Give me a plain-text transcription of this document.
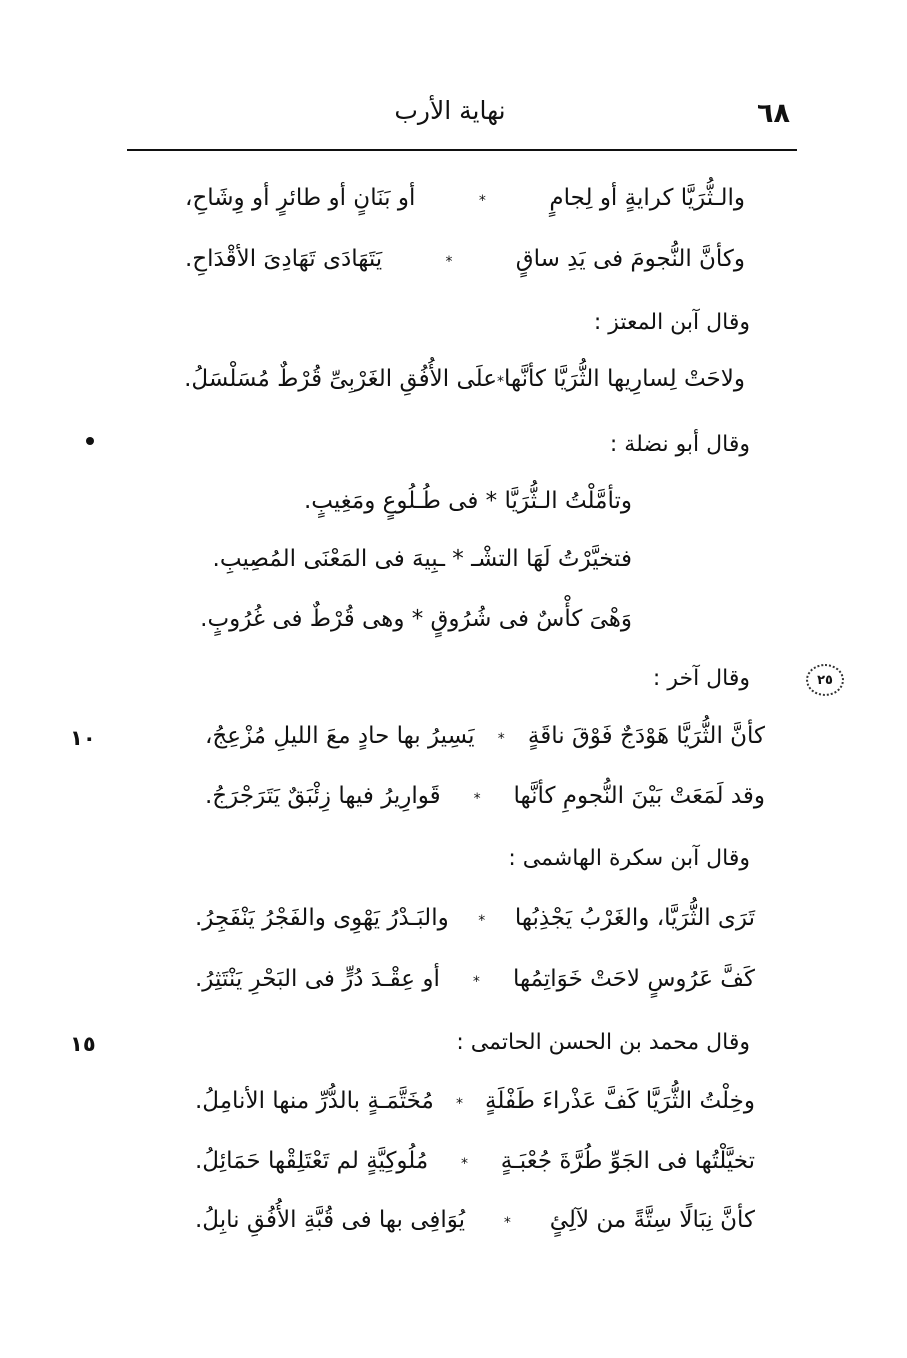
٦٨
نهاية الأرب
والـثُّرَيَّا كرايةٍ أو لِجامٍ
*
أو بَنَانٍ أو طائرٍ أو وِشَاحِ،
وكأنَّ النُّجومَ فى يَدِ ساقٍ
*
يَتَهَادَى تَهَادِىَ الأقْدَاحِ.
وقال آبن المعتز :
ولاحَتْ لِسارِيها الثُّرَيَّا كأنَّها
*
علَى الأُفُقِ الغَرْبِىِّ قُرْطٌ مُسَلْسَلُ.
وقال أبو نضلة :
وتأمَّلْتُ الـثُّرَيَّا * فى طُـلُوعٍ ومَغِيبٍ.
فتخيَّرْتُ لَهَا التشْـ * ـبِيهَ فى المَعْنَى المُصِيبِ.
وَهْىَ كأْسٌ فى شُرُوقٍ * وهى قُرْطٌ فى غُرُوبٍ.
وقال آخر :	٢٥
كأنَّ الثُّرَيَّا هَوْدَجٌ فَوْقَ ناقَةٍ
*
يَسِيرُ بها حادٍ معَ الليلِ مُزْعِجُ،
١٠
وقد لَمَعَتْ بَيْنَ النُّجومِ كأنَّها
*
قَوارِيرُ فيها زِئْبَقٌ يَتَرَجْرَجُ.
وقال آبن سكرة الهاشمى :
تَرَى الثُّرَيَّا، والغَرْبُ يَجْذِبُها
*
والبَـدْرُ يَهْوِى والفَجْرُ يَنْفَجِرُ.
كَفَّ عَرُوسٍ لاحَتْ خَوَاتِمُها
*
أو عِقْـدَ دُرٍّ فى البَحْرِ يَنْتَثِرُ.
وقال محمد بن الحسن الحاتمى :
١٥
وخِلْتُ الثُّرَيَّا كَفَّ عَذْراءَ طَفْلَةٍ
*
مُخَتَّمَـةٍ بالدُّرِّ منها الأنامِلُ.
تخيَّلْتُها فى الجَوِّ طُرَّةَ جُعْبَـةٍ
*
مُلُوكِيَّةٍ لم تَعْتَلِقْها حَمَائِلُ.
كأنَّ نِبَالًا سِتَّةً من لآلِئٍ
*
يُوَافِى بها فى قُبَّةِ الأُفُقِ نابِلُ.
